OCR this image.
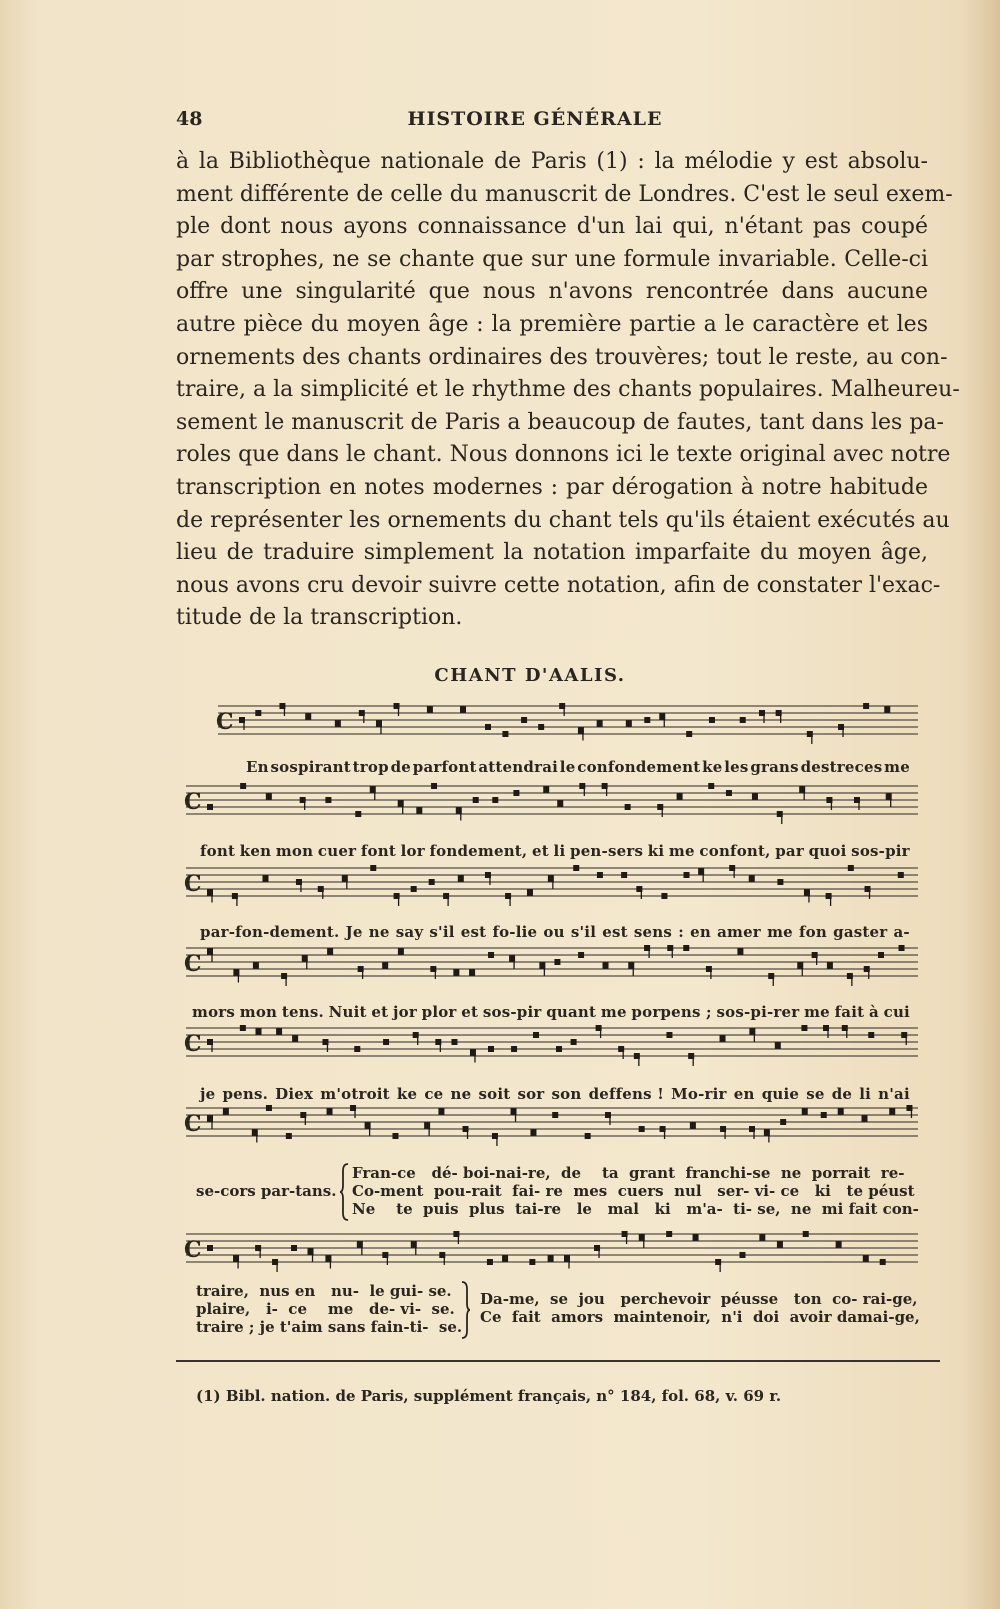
48	HISTOIRE GÉNÉRALE
à la Bibliothèque nationale de Paris (1) : la mélodie y est absolu-
ment différente de celle du manuscrit de Londres. C'est le seul exem-
ple dont nous ayons connaissance d'un lai qui, n'étant pas coupé
par strophes, ne se chante que sur une formule invariable. Celle-ci
offre une singularité que nous n'avons rencontrée dans aucune
autre pièce du moyen âge : la première partie a le caractère et les
ornements des chants ordinaires des trouvères; tout le reste, au con-
traire, a la simplicité et le rhythme des chants populaires. Malheureu-
sement le manuscrit de Paris a beaucoup de fautes, tant dans les pa-
roles que dans le chant. Nous donnons ici le texte original avec notre
transcription en notes modernes : par dérogation à notre habitude
de représenter les ornements du chant tels qu'ils étaient exécutés au
lieu de traduire simplement la notation imparfaite du moyen âge,
nous avons cru devoir suivre cette notation, afin de constater l'exac-
titude de la transcription.
CHANT D'AALIS.
C
C
C
C
C
C
C
En sospirant trop de parfont attendrai le confondement ke les grans destreces me
font ken mon cuer font lor fondement, et li pen-sers ki me confont, par quoi sos-pir
par-fon-dement. Je ne say s'il est fo-lie ou s'il est sens : en amer me fon gaster a-
mors mon tens. Nuit et jor plor et sos-pir quant me porpens ; sos-pi-rer me fait à cui
je pens. Diex m'otroit ke ce ne soit sor son deffens ! Mo-rir en quie se de li n'ai
se-cors par-tans.
Fran-ce   dé- boi-nai-re,  de    ta  grant  franchi-se  ne  porrait  re-
Co-ment  pou-rait  fai- re  mes  cuers  nul   ser- vi- ce   ki   te péust
Ne    te  puis  plus  tai-re   le   mal   ki   m'a-  ti- se,  ne  mi fait con-
traire,  nus en   nu-  le gui- se.
plaire,   i-  ce    me   de- vi-  se.
traire ; je t'aim sans fain-ti-  se.
Da-me,  se  jou   perchevoir  péusse   ton  co- rai-ge,
Ce  fait  amors  maintenoir,  n'i  doi  avoir damai-ge,
(1) Bibl. nation. de Paris, supplément français, n° 184, fol. 68, v. 69 r.
